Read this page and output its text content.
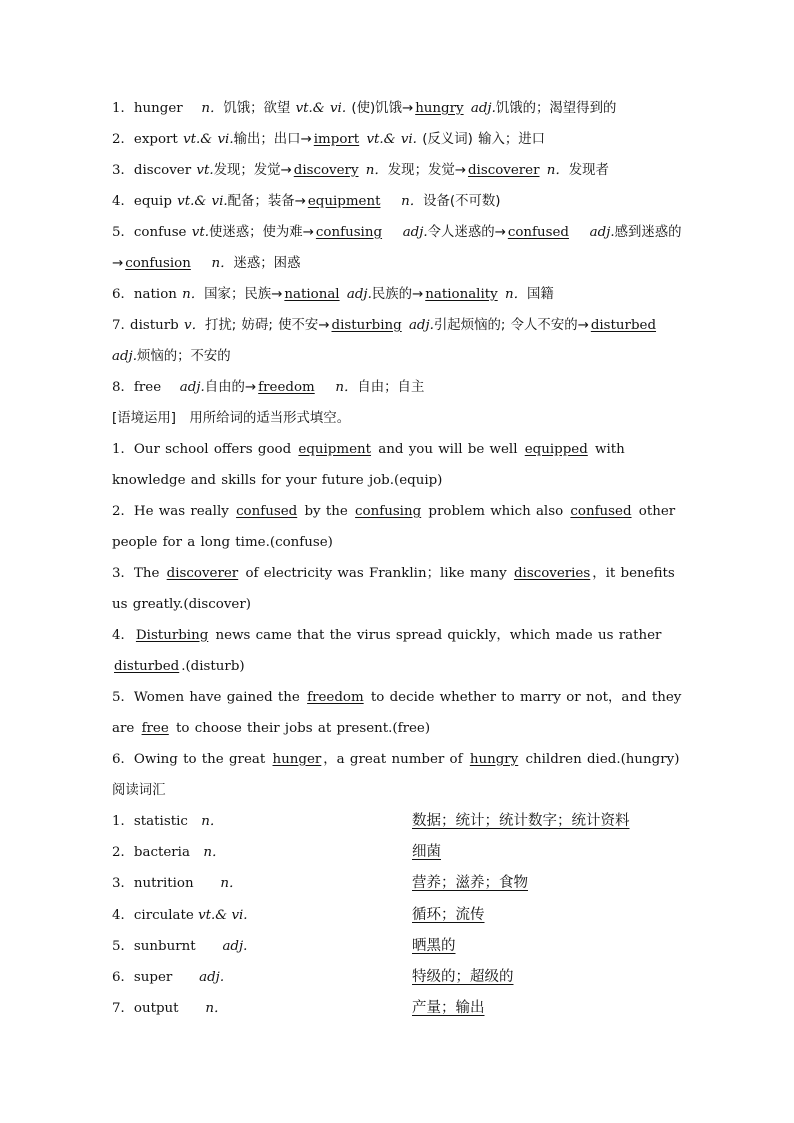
1．hunger 　 n．饥饿；欲望 vt.& vi. (使)饥饿→ hungry adj.饥饿的；渴望得到的

2．export vt.& vi.输出；出口→ import vt.& vi. (反义词) 输入；进口

3．discover vt.发现；发觉→ discovery n．发现；发觉→ discoverer n．发现者

4．equip vt.& vi.配备；装备→ equipment 　 n．设备(不可数)

5．confuse vt.使迷惑；使为难→ confusing 　 adj.令人迷惑的→ confused 　 adj.感到迷惑的→ confusion 　 n．迷惑；困惑

6．nation n．国家；民族→ national adj.民族的→ nationality n．国籍

7. disturb v．打扰; 妨碍; 使不安→ disturbing adj.引起烦恼的; 令人不安的→ disturbed adj.烦恼的；不安的

8．free 　 adj.自由的→ freedom 　 n．自由；自主

[语境运用]　用所给词的适当形式填空。

1．Our school offers good equipment and you will be well equipped with knowledge and skills for your future job.(equip)

2．He was really confused by the confusing problem which also confused other people for a long time.(confuse)

3．The discoverer of electricity was Franklin；like many discoveries ，it benefits us greatly.(discover)

4． Disturbing news came that the virus spread quickly，which made us rather disturbed .(disturb)

5．Women have gained the freedom to decide whether to marry or not，and they are free to choose their jobs at present.(free)

6．Owing to the great hunger ，a great number of hungry children died.(hungry)

阅读词汇

1．statistic　 n．	数据；统计；统计数字；统计资料
2．bacteria　 n．	细菌
3．nutrition　　 n．	营养；滋养；食物
4．circulate vt.& vi.	循环；流传
5．sunburnt　　 adj.	晒黑的
6．super　　 adj.	特级的；超级的
7．output　　 n．	产量；输出
